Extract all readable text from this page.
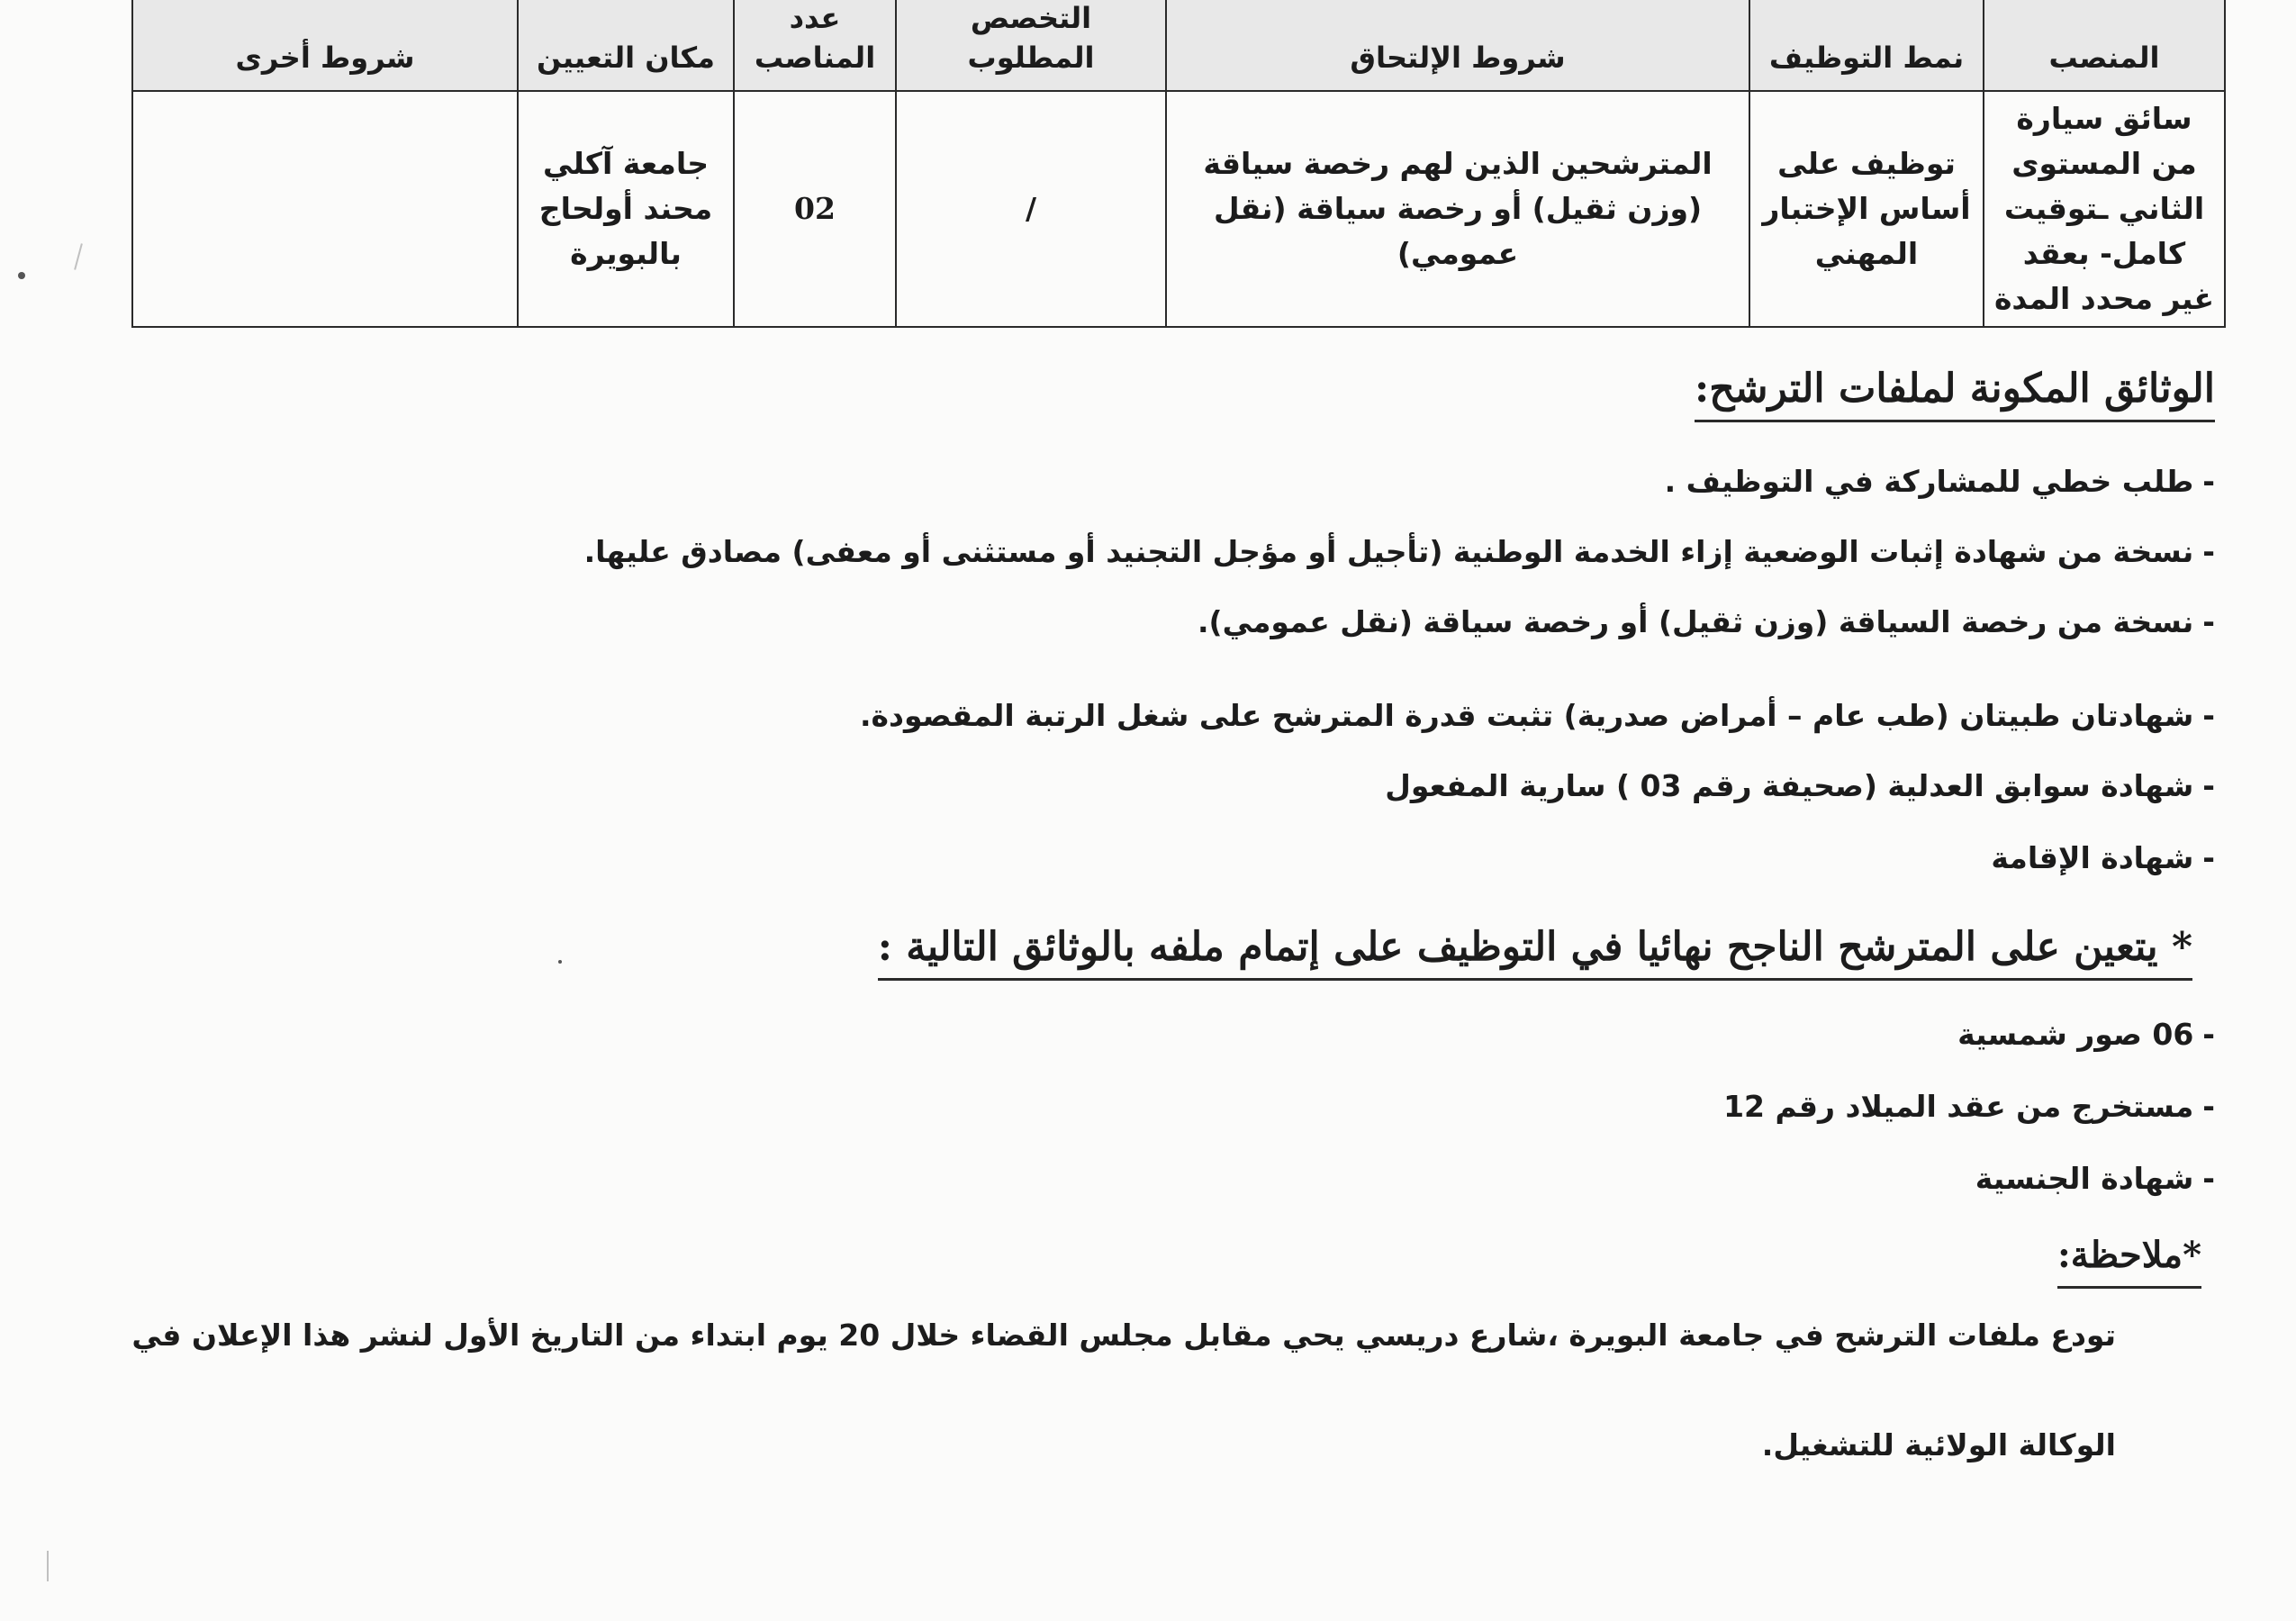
المنصب	نمط التوظيف	شروط الإلتحاق	التخصص المطلوب	عدد المناصب	مكان التعيين	شروط أخرى
سائق سيارة من المستوى الثاني ـتوقيت كامل- بعقد غير محدد المدة	توظيف على أساس الإختبار المهني	المترشحين الذين لهم رخصة سياقة (وزن ثقيل) أو رخصة سياقة (نقل عمومي)	/	02	جامعة آكلي محند أولحاج بالبويرة	
الوثائق المكونة لملفات الترشح:
-طلب خطي للمشاركة في التوظيف .
-نسخة من شهادة إثبات الوضعية إزاء الخدمة الوطنية (تأجيل أو مؤجل التجنيد أو مستثنى أو معفى) مصادق عليها.
-نسخة من رخصة السياقة (وزن ثقيل) أو رخصة سياقة (نقل عمومي).
-شهادتان طبيتان (طب عام – أمراض صدرية) تثبت قدرة المترشح على شغل الرتبة المقصودة.
-شهادة سوابق العدلية (صحيفة رقم 03 ) سارية المفعول
-شهادة الإقامة
* يتعين على المترشح الناجح نهائيا في التوظيف على إتمام ملفه بالوثائق التالية :
-06 صور شمسية
-مستخرج من عقد الميلاد رقم 12
-شهادة الجنسية
*ملاحظة:
تودع ملفات الترشح في جامعة البويرة ،شارع دريسي يحي مقابل مجلس القضاء خلال 20 يوم ابتداء من التاريخ الأول لنشر هذا الإعلان في
الوكالة الولائية للتشغيل.
